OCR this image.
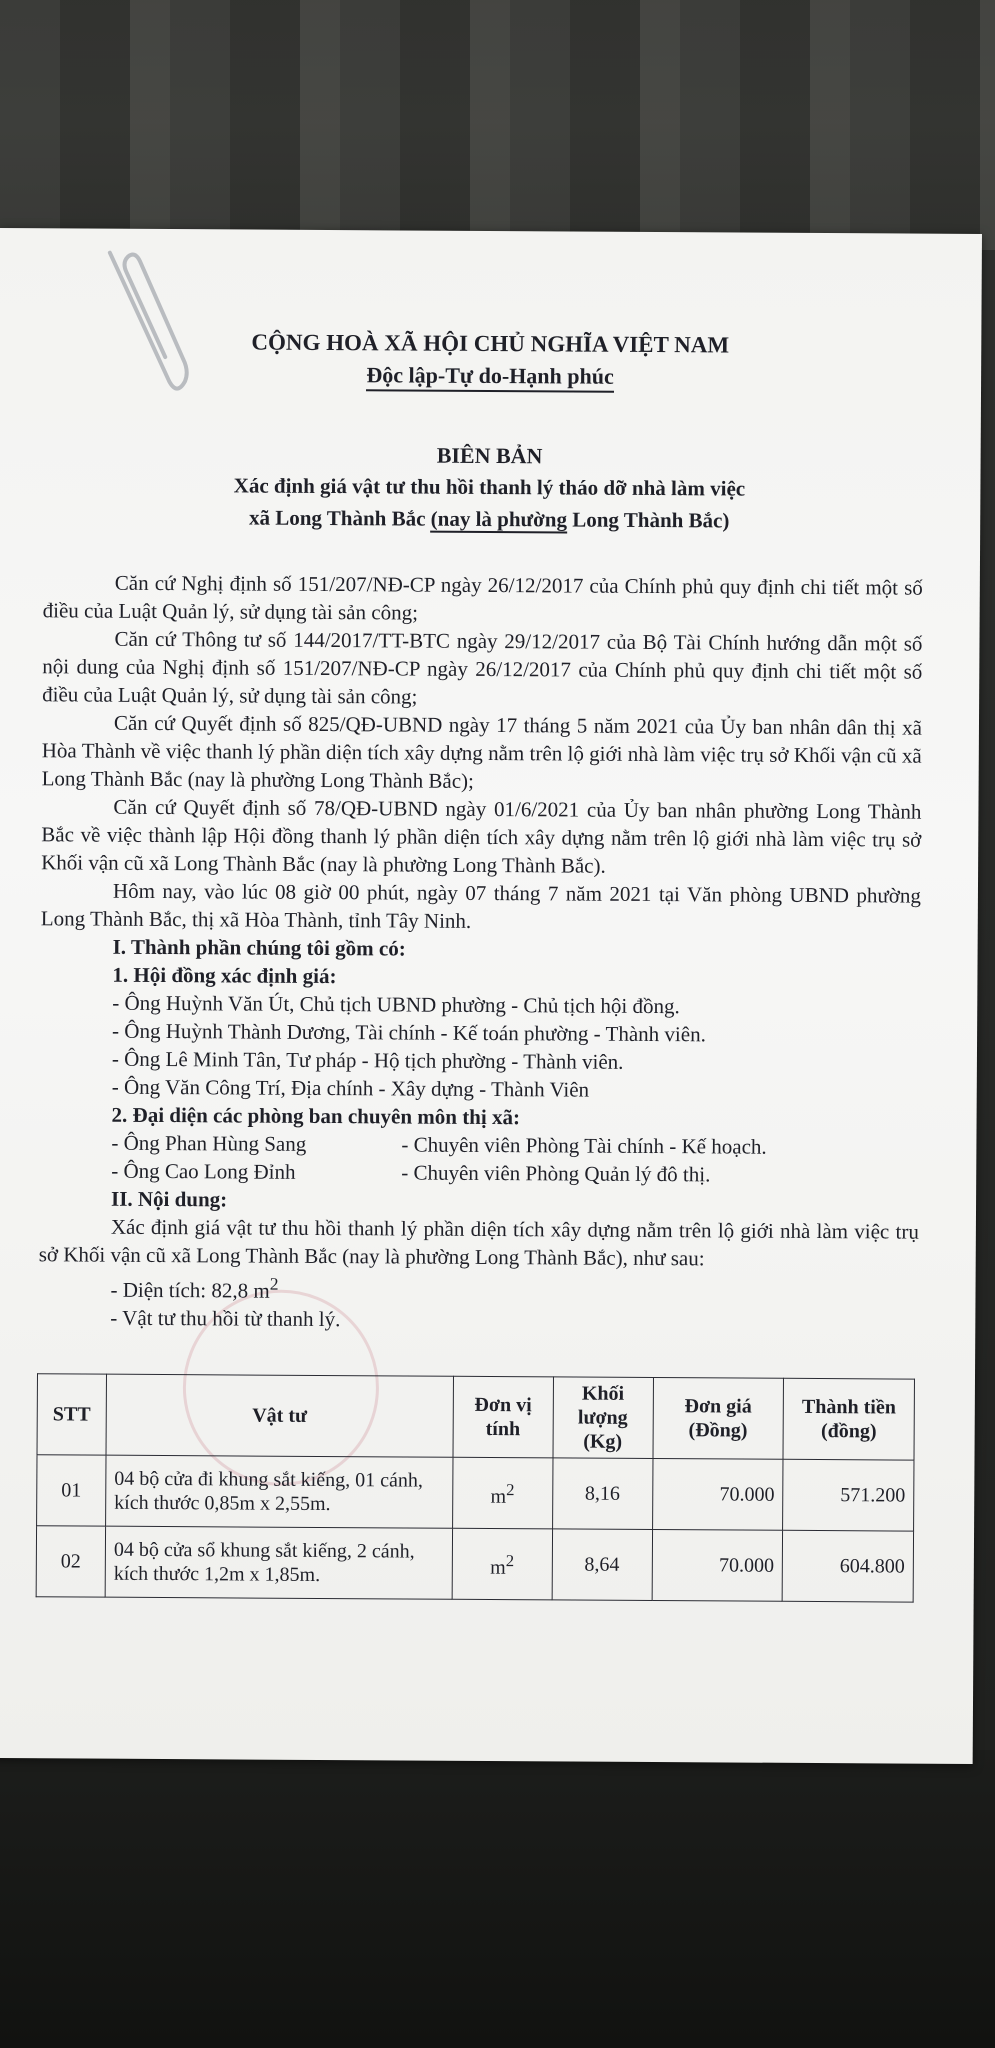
CỘNG HOÀ XÃ HỘI CHỦ NGHĨA VIỆT NAM
Độc lập-Tự do-Hạnh phúc
BIÊN BẢN
Xác định giá vật tư thu hồi thanh lý tháo dỡ nhà làm việc
xã Long Thành Bắc (nay là phường Long Thành Bắc)

Căn cứ Nghị định số 151/207/NĐ-CP ngày 26/12/2017 của Chính phủ quy định chi tiết một số điều của Luật Quản lý, sử dụng tài sản công;

Căn cứ Thông tư số 144/2017/TT-BTC ngày 29/12/2017 của Bộ Tài Chính hướng dẫn một số nội dung của Nghị định số 151/207/NĐ-CP ngày 26/12/2017 của Chính phủ quy định chi tiết một số điều của Luật Quản lý, sử dụng tài sản công;

Căn cứ Quyết định số 825/QĐ-UBND ngày 17 tháng 5 năm 2021 của Ủy ban nhân dân thị xã Hòa Thành về việc thanh lý phần diện tích xây dựng nằm trên lộ giới nhà làm việc trụ sở Khối vận cũ xã Long Thành Bắc (nay là phường Long Thành Bắc);

Căn cứ Quyết định số 78/QĐ-UBND ngày 01/6/2021 của Ủy ban nhân phường Long Thành Bắc về việc thành lập Hội đồng thanh lý phần diện tích xây dựng nằm trên lộ giới nhà làm việc trụ sở Khối vận cũ xã Long Thành Bắc (nay là phường Long Thành Bắc).

Hôm nay, vào lúc 08 giờ 00 phút, ngày 07 tháng 7 năm 2021 tại Văn phòng UBND phường Long Thành Bắc, thị xã Hòa Thành, tỉnh Tây Ninh.

I. Thành phần chúng tôi gồm có:

1. Hội đồng xác định giá:

- Ông Huỳnh Văn Út, Chủ tịch UBND phường - Chủ tịch hội đồng.

- Ông Huỳnh Thành Dương, Tài chính - Kế toán phường - Thành viên.

- Ông Lê Minh Tân, Tư pháp - Hộ tịch phường - Thành viên.

- Ông Văn Công Trí, Địa chính - Xây dựng - Thành Viên

2. Đại diện các phòng ban chuyên môn thị xã:

- Ông Phan Hùng Sang	- Chuyên viên Phòng Tài chính - Kế hoạch.
- Ông Cao Long Đỉnh	- Chuyên viên Phòng Quản lý đô thị.

II. Nội dung:

Xác định giá vật tư thu hồi thanh lý phần diện tích xây dựng nằm trên lộ giới nhà làm việc trụ sở Khối vận cũ xã Long Thành Bắc (nay là phường Long Thành Bắc), như sau:

- Diện tích: 82,8 $m^2$

- Vật tư thu hồi từ thanh lý.

STT	Vật tư	Đơn vị tính	Khối lượng (Kg)	Đơn giá (Đồng)	Thành tiền (đồng)
01	04 bộ cửa đi khung sắt kiếng, 01 cánh, kích thước 0,85m x 2,55m.	$m^2$	8,16	70.000	571.200
02	04 bộ cửa sổ khung sắt kiếng, 2 cánh, kích thước 1,2m x 1,85m.	$m^2$	8,64	70.000	604.800
